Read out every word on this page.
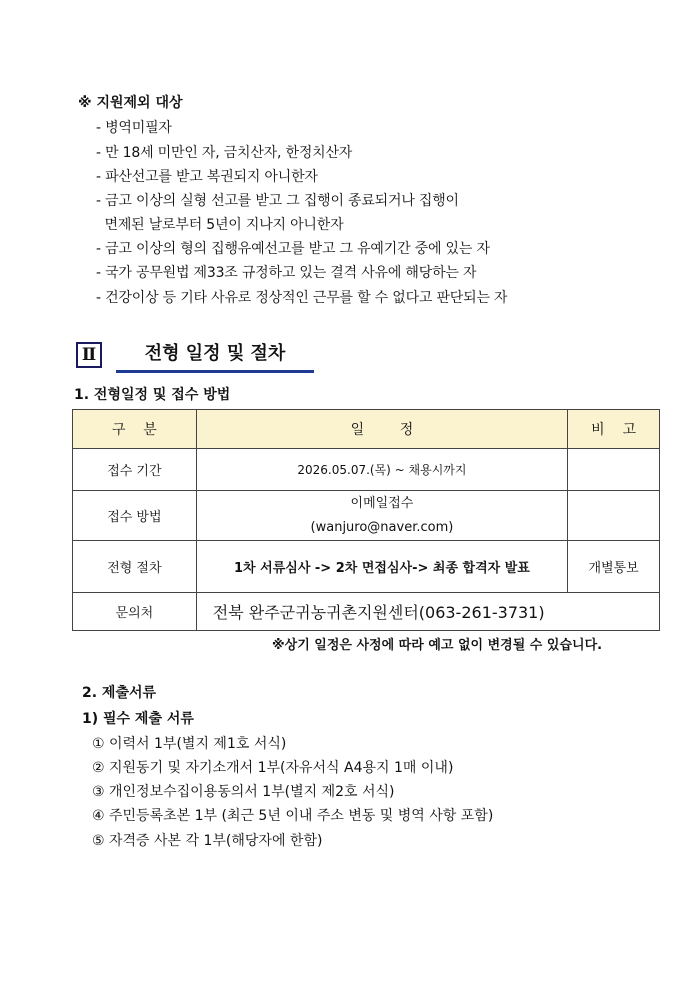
※ 지원제외 대상
- 병역미필자
- 만 18세 미만인 자, 금치산자, 한정치산자
- 파산선고를 받고 복권되지 아니한자
- 금고 이상의 실형 선고를 받고 그 집행이 종료되거나 집행이
면제된 날로부터 5년이 지나지 아니한자
- 금고 이상의 형의 집행유예선고를 받고 그 유예기간 중에 있는 자
- 국가 공무원법 제33조 규정하고 있는 결격 사유에 해당하는 자
- 건강이상 등 기타 사유로 정상적인 근무를 할 수 없다고 판단되는 자
Ⅱ	전형 일정 및 절차
1. 전형일정 및 접수 방법
구    분	일        정	비    고
접수 기간	2026.05.07.(목) ~ 채용시까지	
접수 방법	이메일접수
(wanjuro@naver.com)	

전형 절차	1차 서류심사 -> 2차 면접심사-> 최종 합격자 발표	개별통보
문의처	전북 완주군귀농귀촌지원센터(063-261-3731)	
※상기 일정은 사정에 따라 예고 없이 변경될 수 있습니다.
2. 제출서류
1) 필수 제출 서류
① 이력서 1부(별지 제1호 서식)
② 지원동기 및 자기소개서 1부(자유서식 A4용지 1매 이내)
③ 개인정보수집이용동의서 1부(별지 제2호 서식)
④ 주민등록초본 1부 (최근 5년 이내 주소 변동 및 병역 사항 포함)
⑤ 자격증 사본 각 1부(해당자에 한함)
